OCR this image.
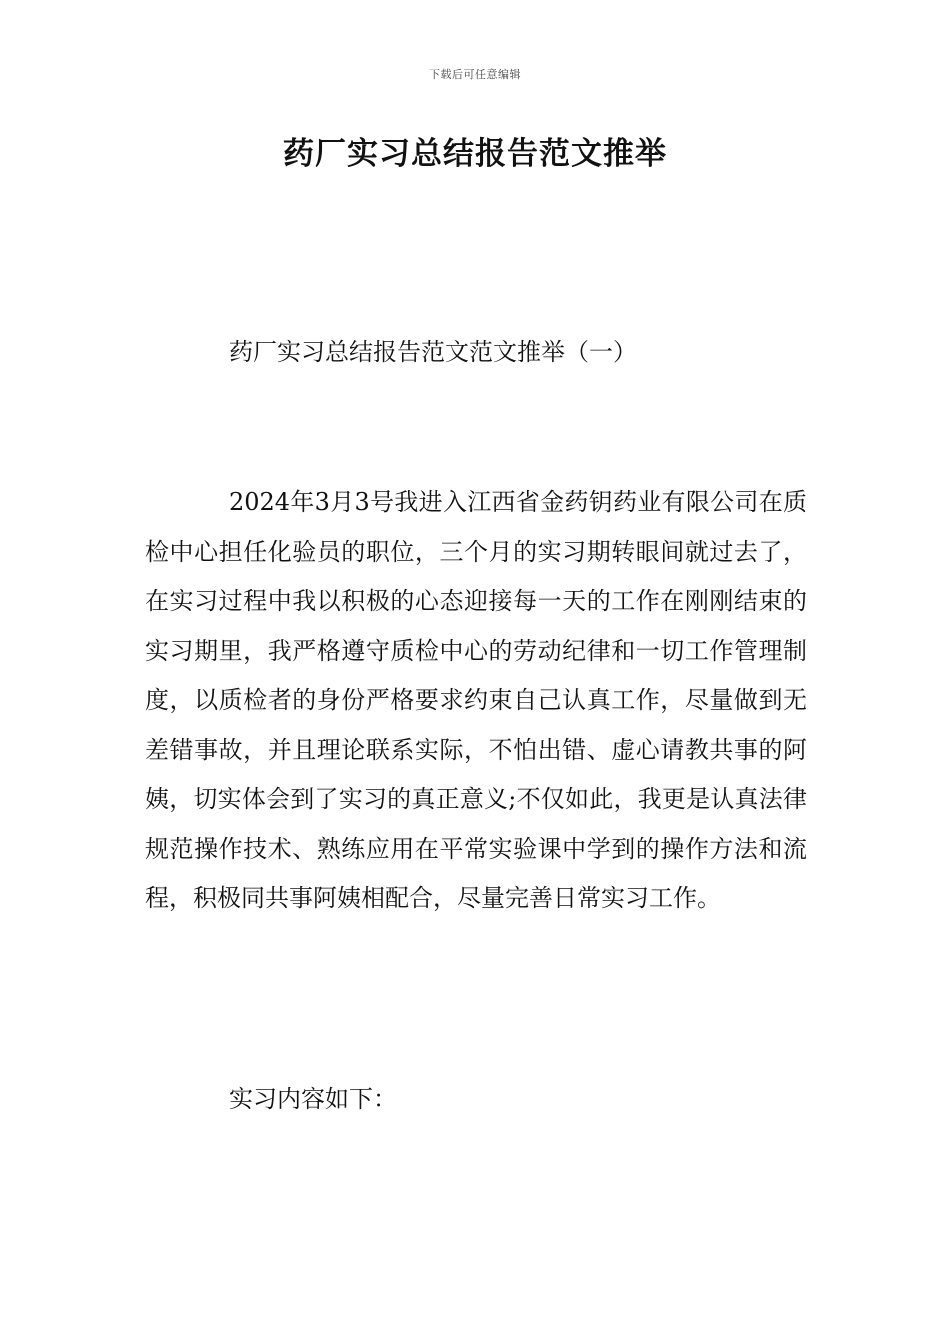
下载后可任意编辑
药厂实习总结报告范文推举
药厂实习总结报告范文范文推举（一）
2024年3月3号我进入江西省金药钥药业有限公司在质检中心担任化验员的职位，三个月的实习期转眼间就过去了，在实习过程中我以积极的心态迎接每一天的工作在刚刚结束的实习期里，我严格遵守质检中心的劳动纪律和一切工作管理制度，以质检者的身份严格要求约束自己认真工作，尽量做到无差错事故，并且理论联系实际，不怕出错、虚心请教共事的阿姨，切实体会到了实习的真正意义;不仅如此，我更是认真法律规范操作技术、熟练应用在平常实验课中学到的操作方法和流程，积极同共事阿姨相配合，尽量完善日常实习工作。
实习内容如下：
